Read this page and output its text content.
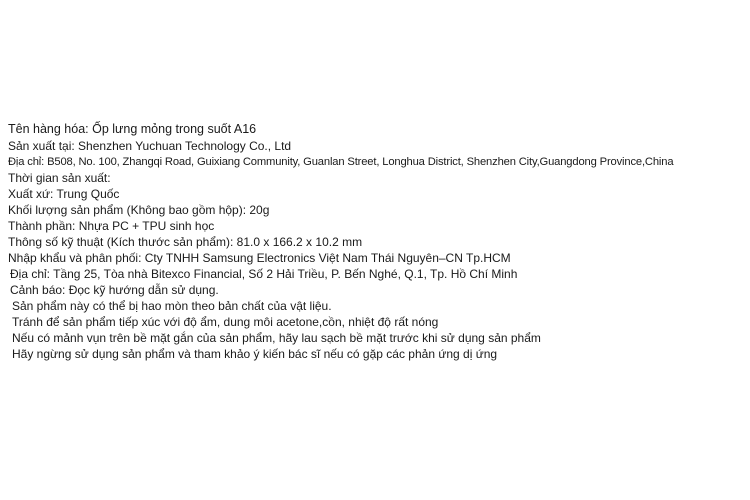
Tên hàng hóa: Ốp lưng mỏng trong suốt A16
Sản xuất tại: Shenzhen Yuchuan Technology Co., Ltd
Địa chỉ: B508, No. 100, Zhangqi Road, Guixiang Community, Guanlan Street, Longhua District, Shenzhen City,Guangdong Province,China
Thời gian sản xuất:
Xuất xứ: Trung Quốc
Khối lượng sản phẩm (Không bao gồm hộp): 20g
Thành phần: Nhựa PC + TPU sinh học
Thông số kỹ thuật (Kích thước sản phẩm): 81.0 x 166.2 x 10.2 mm
Nhập khẩu và phân phối: Cty TNHH Samsung Electronics Việt Nam Thái Nguyên–CN Tp.HCM
Địa chỉ: Tầng 25, Tòa nhà Bitexco Financial, Số 2 Hải Triều, P. Bến Nghé, Q.1, Tp. Hồ Chí Minh
Cảnh báo: Đọc kỹ hướng dẫn sử dụng.
Sản phẩm này có thể bị hao mòn theo bản chất của vật liệu.
Tránh để sản phẩm tiếp xúc với độ ẩm, dung môi acetone,cồn, nhiệt độ rất nóng
Nếu có mảnh vụn trên bề mặt gắn của sản phẩm, hãy lau sạch bề mặt trước khi sử dụng sản phẩm
Hãy ngừng sử dụng sản phẩm và tham khảo ý kiến bác sĩ nếu có gặp các phản ứng dị ứng
